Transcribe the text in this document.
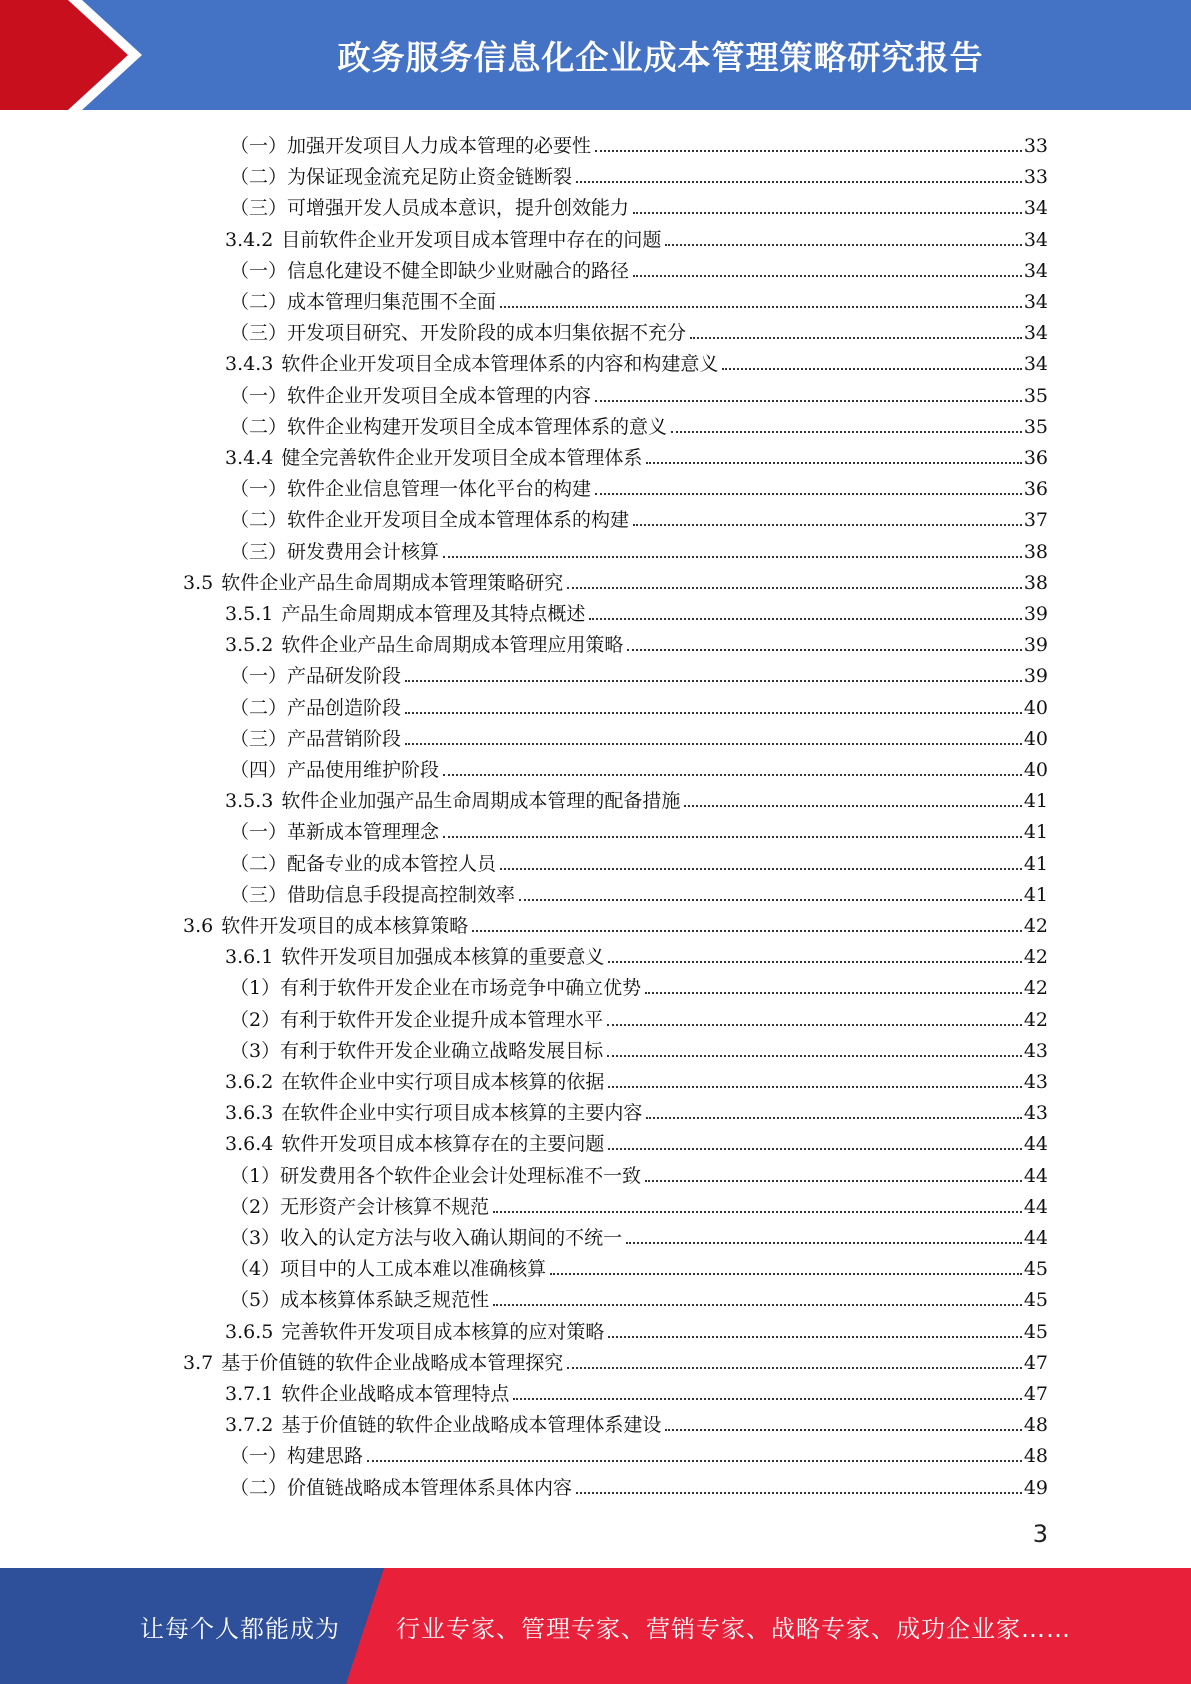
政务服务信息化企业成本管理策略研究报告
（一）加强开发项目人力成本管理的必要性	33
（二）为保证现金流充足防止资金链断裂	33
（三）可增强开发人员成本意识，提升创效能力	34
3.4.2 目前软件企业开发项目成本管理中存在的问题	34
（一）信息化建设不健全即缺少业财融合的路径	34
（二）成本管理归集范围不全面	34
（三）开发项目研究、开发阶段的成本归集依据不充分	34
3.4.3 软件企业开发项目全成本管理体系的内容和构建意义	34
（一）软件企业开发项目全成本管理的内容	35
（二）软件企业构建开发项目全成本管理体系的意义	35
3.4.4 健全完善软件企业开发项目全成本管理体系	36
（一）软件企业信息管理一体化平台的构建	36
（二）软件企业开发项目全成本管理体系的构建	37
（三）研发费用会计核算	38
3.5 软件企业产品生命周期成本管理策略研究	38
3.5.1 产品生命周期成本管理及其特点概述	39
3.5.2 软件企业产品生命周期成本管理应用策略	39
（一）产品研发阶段	39
（二）产品创造阶段	40
（三）产品营销阶段	40
（四）产品使用维护阶段	40
3.5.3 软件企业加强产品生命周期成本管理的配备措施	41
（一）革新成本管理理念	41
（二）配备专业的成本管控人员	41
（三）借助信息手段提高控制效率	41
3.6 软件开发项目的成本核算策略	42
3.6.1 软件开发项目加强成本核算的重要意义	42
（1）有利于软件开发企业在市场竞争中确立优势	42
（2）有利于软件开发企业提升成本管理水平	42
（3）有利于软件开发企业确立战略发展目标	43
3.6.2 在软件企业中实行项目成本核算的依据	43
3.6.3 在软件企业中实行项目成本核算的主要内容	43
3.6.4 软件开发项目成本核算存在的主要问题	44
（1）研发费用各个软件企业会计处理标准不一致	44
（2）无形资产会计核算不规范	44
（3）收入的认定方法与收入确认期间的不统一	44
（4）项目中的人工成本难以准确核算	45
（5）成本核算体系缺乏规范性	45
3.6.5 完善软件开发项目成本核算的应对策略	45
3.7 基于价值链的软件企业战略成本管理探究	47
3.7.1 软件企业战略成本管理特点	47
3.7.2 基于价值链的软件企业战略成本管理体系建设	48
（一）构建思路	48
（二）价值链战略成本管理体系具体内容	49
3
让每个人都能成为 行业专家、管理专家、营销专家、战略专家、成功企业家……
